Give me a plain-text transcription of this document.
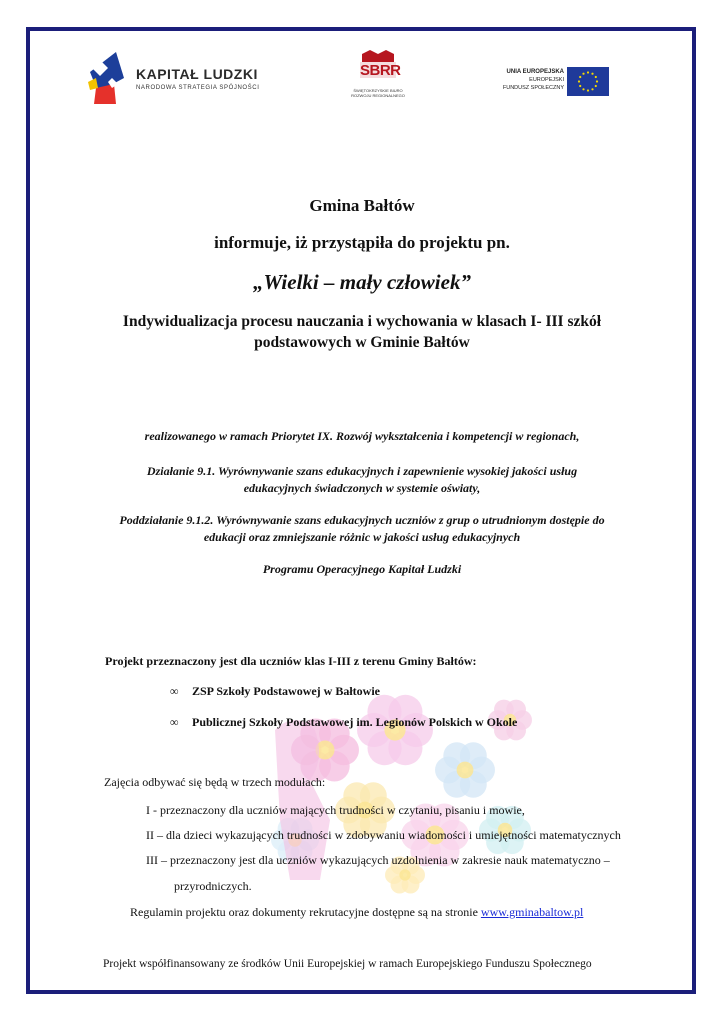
KAPITAŁ LUDZKI
NARODOWA STRATEGIA SPÓJNOŚCI
SBRR
ŚWIĘTOKRZYSKIE BIURO
ROZWOJU REGIONALNEGO
UNIA EUROPEJSKA
EUROPEJSKI
FUNDUSZ SPOŁECZNY
Gmina Bałtów
informuje, iż przystąpiła do projektu pn.
„Wielki – mały człowiek”
Indywidualizacja procesu nauczania i wychowania w klasach I- III szkół
podstawowych w Gminie Bałtów
realizowanego w ramach Priorytet IX. Rozwój wykształcenia i kompetencji w regionach,
Działanie 9.1. Wyrównywanie szans edukacyjnych i zapewnienie wysokiej jakości usług
edukacyjnych świadczonych w systemie oświaty,
Poddziałanie 9.1.2. Wyrównywanie szans edukacyjnych uczniów z grup o utrudnionym dostępie do
edukacji oraz zmniejszanie różnic w jakości usług edukacyjnych
Programu Operacyjnego Kapitał Ludzki
Projekt przeznaczony jest dla uczniów klas I-III z terenu Gminy Bałtów:
∞ ZSP Szkoły Podstawowej w Bałtowie
∞ Publicznej Szkoły Podstawowej im. Legionów Polskich w Okole
Zajęcia odbywać się będą w trzech modułach:
I - przeznaczony dla uczniów mających trudności w czytaniu, pisaniu i mowie,
II – dla dzieci wykazujących trudności w zdobywaniu wiadomości i umiejętności matematycznych
III – przeznaczony jest dla uczniów wykazujących uzdolnienia w zakresie nauk matematyczno –
przyrodniczych.
Regulamin projektu oraz dokumenty rekrutacyjne dostępne są na stronie www.gminabaltow.pl
Projekt współfinansowany ze środków Unii Europejskiej w ramach Europejskiego Funduszu Społecznego
